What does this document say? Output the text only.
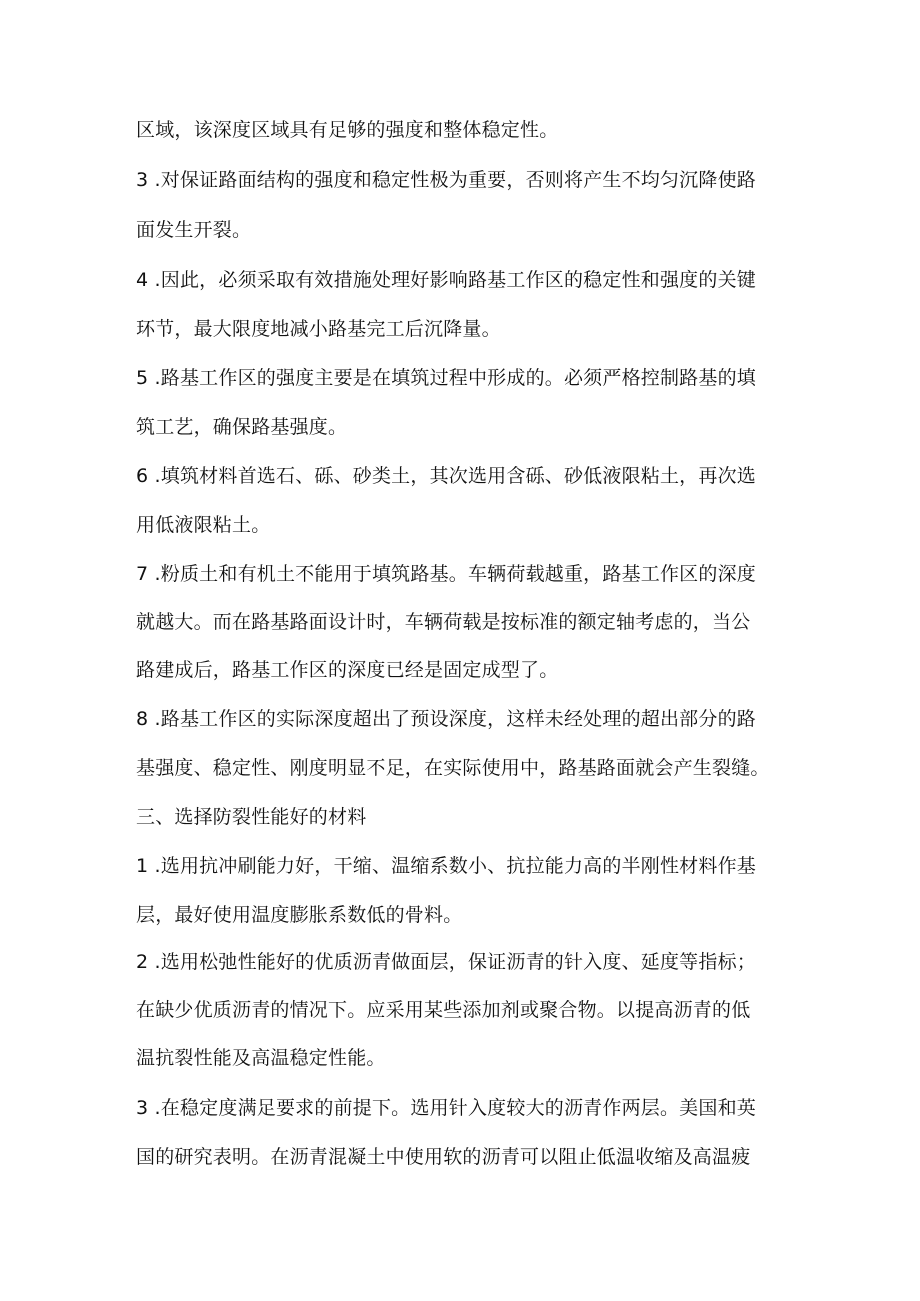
区域，该深度区域具有足够的强度和整体稳定性。
3 .对保证路面结构的强度和稳定性极为重要，否则将产生不均匀沉降使路
面发生开裂。
4 .因此，必须采取有效措施处理好影响路基工作区的稳定性和强度的关键
环节，最大限度地减小路基完工后沉降量。
5 .路基工作区的强度主要是在填筑过程中形成的。必须严格控制路基的填
筑工艺，确保路基强度。
6 .填筑材料首选石、砾、砂类土，其次选用含砾、砂低液限粘土，再次选
用低液限粘土。
7 .粉质土和有机土不能用于填筑路基。车辆荷载越重，路基工作区的深度
就越大。而在路基路面设计时，车辆荷载是按标准的额定轴考虑的，当公
路建成后，路基工作区的深度已经是固定成型了。
8 .路基工作区的实际深度超出了预设深度，这样未经处理的超出部分的路
基强度、稳定性、刚度明显不足，在实际使用中，路基路面就会产生裂缝。
三、选择防裂性能好的材料
1 .选用抗冲刷能力好，干缩、温缩系数小、抗拉能力高的半刚性材料作基
层，最好使用温度膨胀系数低的骨料。
2 .选用松弛性能好的优质沥青做面层，保证沥青的针入度、延度等指标；
在缺少优质沥青的情况下。应采用某些添加剂或聚合物。以提高沥青的低
温抗裂性能及高温稳定性能。
3 .在稳定度满足要求的前提下。选用针入度较大的沥青作两层。美国和英
国的研究表明。在沥青混凝土中使用软的沥青可以阻止低温收缩及高温疲
